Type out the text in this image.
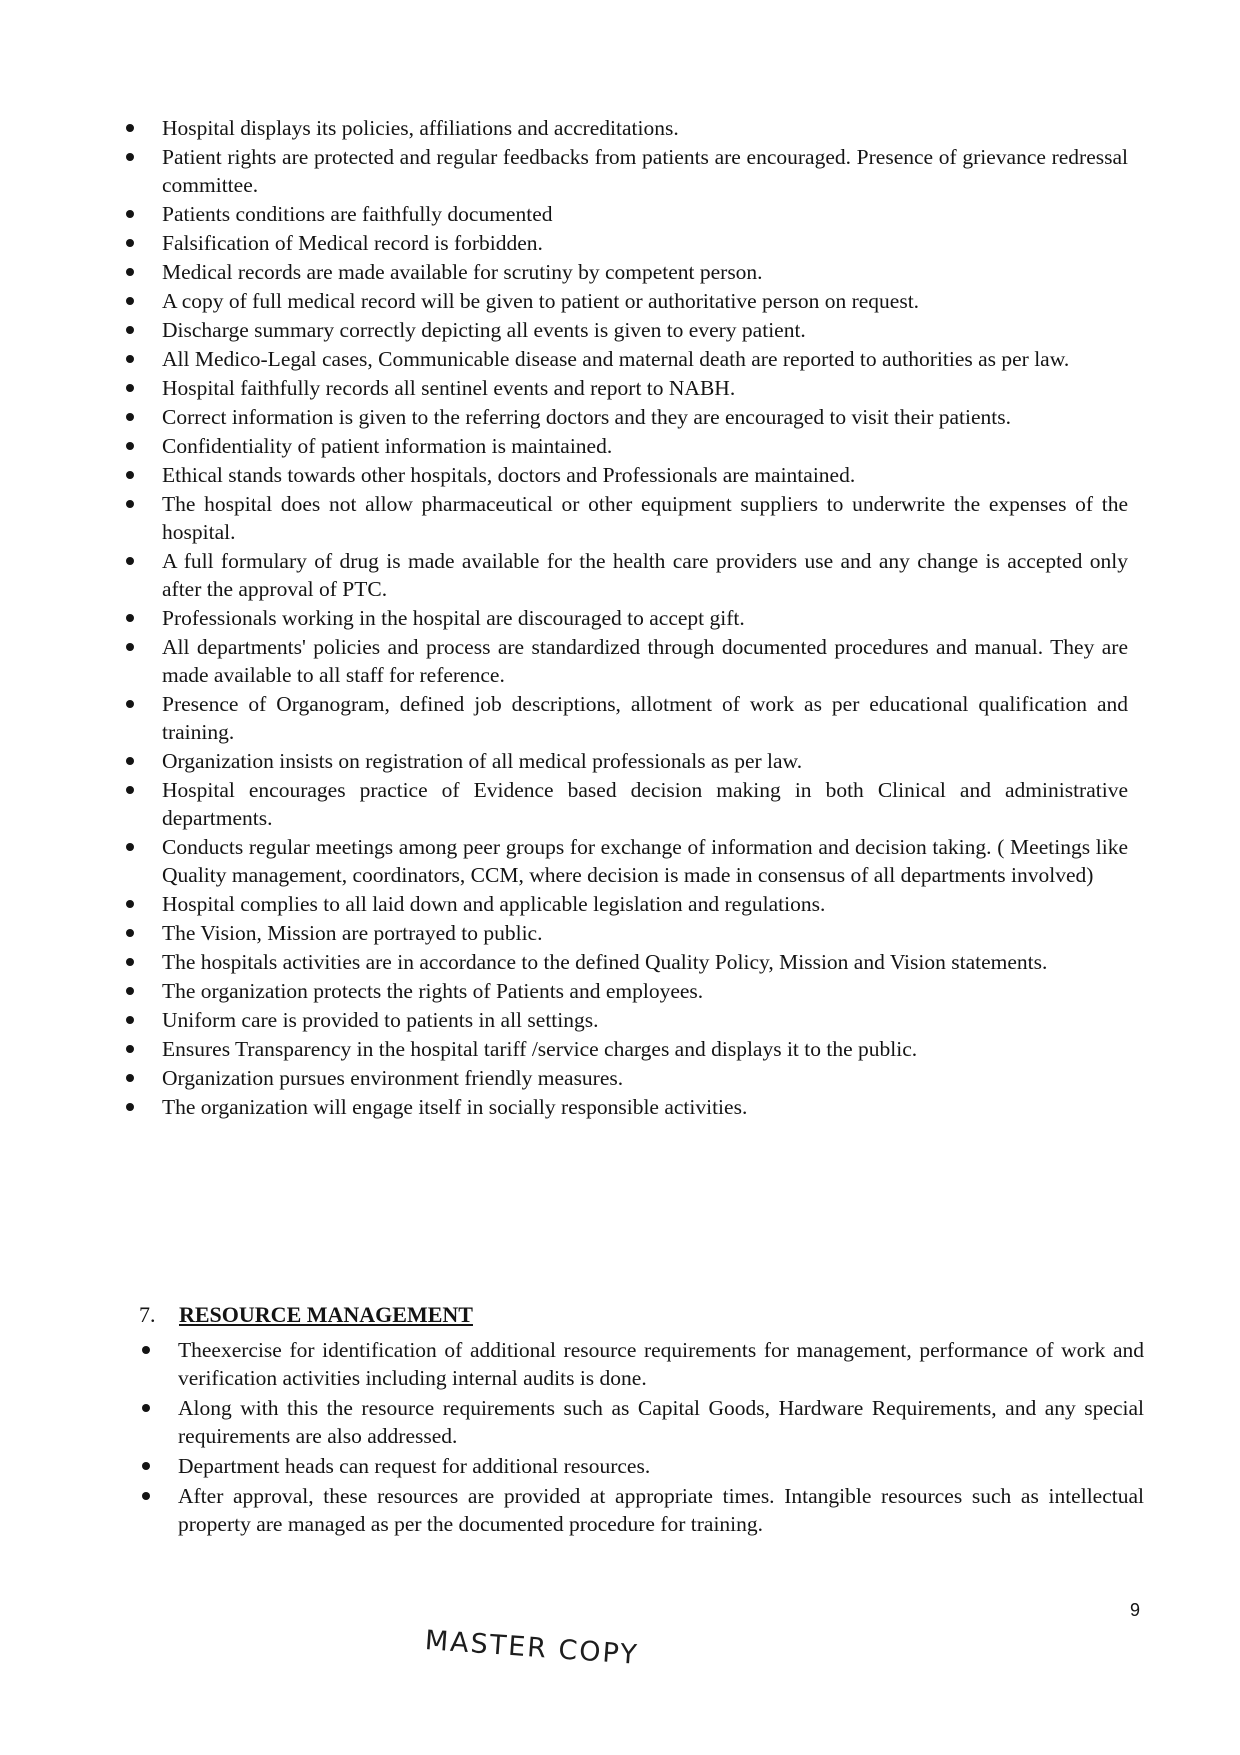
Hospital displays its policies, affiliations and accreditations.
Patient rights are protected and regular feedbacks from patients are encouraged. Presence of grievance redressal committee.
Patients conditions are faithfully documented
Falsification of Medical record is forbidden.
Medical records are made available for scrutiny by competent person.
A copy of full medical record will be given to patient or authoritative person on request.
Discharge summary correctly depicting all events is given to every patient.
All Medico-Legal cases, Communicable disease and maternal death are reported to authorities as per law.
Hospital faithfully records all sentinel events and report to NABH.
Correct information is given to the referring doctors and they are encouraged to visit their patients.
Confidentiality of patient information is maintained.
Ethical stands towards other hospitals, doctors and Professionals are maintained.
The hospital does not allow pharmaceutical or other equipment suppliers to underwrite the expenses of the hospital.
A full formulary of drug is made available for the health care providers use and any change is accepted only after the approval of PTC.
Professionals working in the hospital are discouraged to accept gift.
All departments' policies and process are standardized through documented procedures and manual. They are made available to all staff for reference.
Presence of Organogram, defined job descriptions, allotment of work as per educational qualification and training.
Organization insists on registration of all medical professionals as per law.
Hospital encourages practice of Evidence based decision making in both Clinical and administrative departments.
Conducts regular meetings among peer groups for exchange of information and decision taking. ( Meetings like Quality management, coordinators, CCM, where decision is made in consensus of all departments involved)
Hospital complies to all laid down and applicable legislation and regulations.
The Vision, Mission are portrayed to public.
The hospitals activities are in accordance to the defined Quality Policy, Mission and Vision statements.
The organization protects the rights of Patients and employees.
Uniform care is provided to patients in all settings.
Ensures Transparency in the hospital tariff /service charges and displays it to the public.
Organization pursues environment friendly measures.
The organization will engage itself in socially responsible activities.
7. RESOURCE MANAGEMENT
Theexercise for identification of additional resource requirements for management, performance of work and verification activities including internal audits is done.
Along with this the resource requirements such as Capital Goods, Hardware Requirements, and any special requirements are also addressed.
Department heads can request for additional resources.
After approval, these resources are provided at appropriate times. Intangible resources such as intellectual property are managed as per the documented procedure for training.
9
MASTER COPY
